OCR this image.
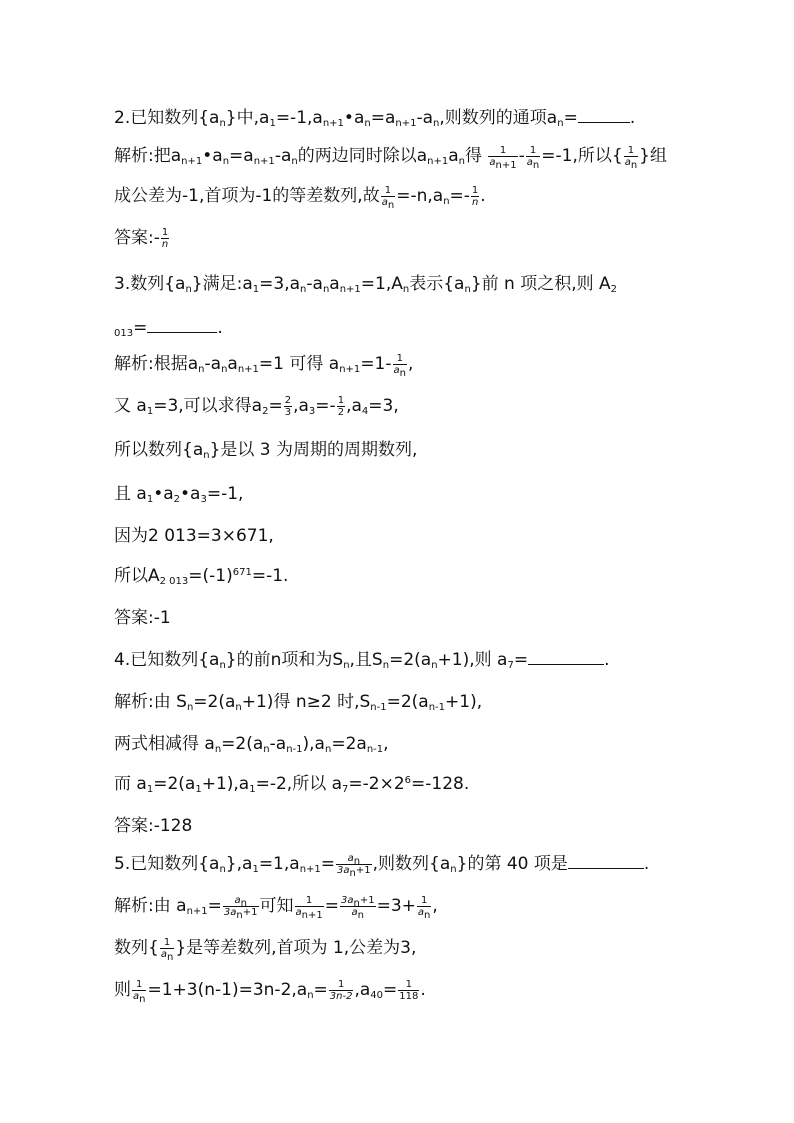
2.已知数列$\{a_n\}$中$,a_1=-1,a_{n+1}•a_n=a_{n+1}-a_n$,则数列的通项$a_n=$	.
解析:把$a_{n+1}•a_n=a_{n+1}-a_n$的两边同时除以$a_{n+1}a_n$得 $\frac{1}{a_{n+1}} - \frac{1}{a_n} =-1$,所以{ $\frac{1}{a_n}$ }组
成公差为-1,首项为-1的等差数列,故 $\frac{1}{a_n} =-n,a_n=- \frac{1}{n}$ .
答案:- $\frac{1}{n}$
3.数列$\{a_n\}$满足$:a_1=3,a_n-a_na_{n+1}=1,A_n$表示$\{a_n\}$前 n 项之积,则 $A_2$
$_{013}$=	.
解析:根据$a_n-a_na_{n+1}=1$ 可得 $a_{n+1}=1- \frac{1}{a_n}$ ,
又 $a_1=3$,可以求得$a_2= \frac{2}{3} ,a_3=- \frac{1}{2} ,a_4=3$,
所以数列$\{a_n\}$是以 3 为周期的周期数列,
且 $a_1•a_2•a_3=-1$,
因为2 013=3×671,
所以$A_{2 013}=(-1)^{671}=-1$.
答案:-1
4.已知数列$\{a_n\}$的前n项和为$S_n$,且$S_n=2(a_n+1)$,则 $a_7=$	.
解析:由 $S_n=2(a_n+1)$得 n≥2 时$,S_{n-1}=2(a_{n-1}+1)$,
两式相减得 $a_n=2(a_n-a_{n-1}),a_n=2a_{n-1}$,
而 $a_1=2(a_1+1),a_1=-2$,所以 $a_7=-2\times 2^6=-128$.
答案:-128
5.已知数列$\{a_n\},a_1=1,a_{n+1}= \frac{a_n}{3a_n+1}$ ,则数列$\{a_n\}$的第 40 项是	.
解析:由 $a_{n+1}= \frac{a_n}{3a_n+1}$ 可知 $\frac{1}{a_{n+1}} = \frac{3a_n+1}{a_n} =3+ \frac{1}{a_n}$ ,
数列{ $\frac{1}{a_n}$ }是等差数列,首项为 1,公差为3,
则 $\frac{1}{a_n} =1+3(n-1)=3n-2,a_n= \frac{1}{3n-2} ,a_{40}= \frac{1}{118}$ .
